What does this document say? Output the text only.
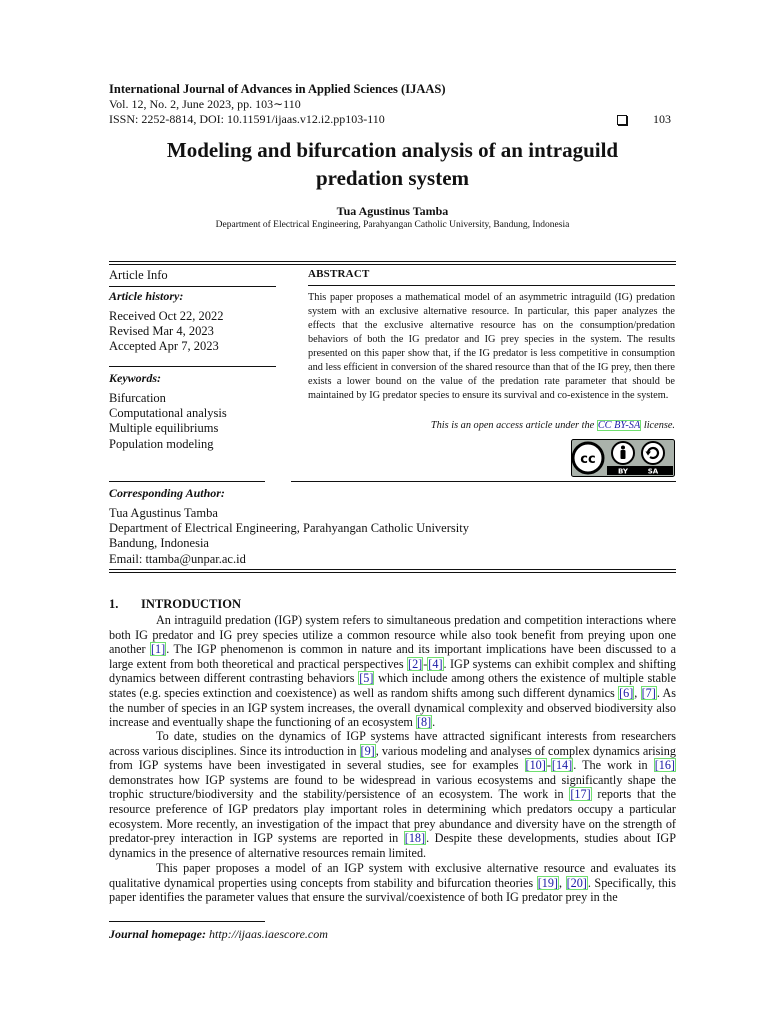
International Journal of Advances in Applied Sciences (IJAAS)
Vol. 12, No. 2, June 2023, pp. 103∼110
ISSN: 2252-8814, DOI: 10.11591/ijaas.v12.i2.pp103-110	103
Modeling and bifurcation analysis of an intraguild
predation system
Tua Agustinus Tamba
Department of Electrical Engineering, Parahyangan Catholic University, Bandung, Indonesia
Article Info
Article history:
Received Oct 22, 2022
Revised Mar 4, 2023
Accepted Apr 7, 2023
Keywords:
Bifurcation
Computational analysis
Multiple equilibriums
Population modeling
ABSTRACT
This paper proposes a mathematical model of an asymmetric intraguild (IG) predation system with an exclusive alternative resource. In particular, this paper analyzes the effects that the exclusive alternative resource has on the consumption/predation behaviors of both the IG predator and IG prey species in the system. The results presented on this paper show that, if the IG predator is less competitive in consumption and less efficient in conversion of the shared resource than that of the IG prey, then there exists a lower bound on the value of the predation rate parameter that should be maintained by IG predator species to ensure its survival and co-existence in the system.
This is an open access article under the CC BY-SA license.
cc
BY	SA
Corresponding Author:
Tua Agustinus Tamba
Department of Electrical Engineering, Parahyangan Catholic University
Bandung, Indonesia
Email: ttamba@unpar.ac.id
1. INTRODUCTION
An intraguild predation (IGP) system refers to simultaneous predation and competition interactions where both IG predator and IG prey species utilize a common resource while also took benefit from preying upon one another [1]. The IGP phenomenon is common in nature and its important implications have been discussed to a large extent from both theoretical and practical perspectives [2]-[4]. IGP systems can exhibit complex and shifting dynamics between different contrasting behaviors [5] which include among others the existence of multiple stable states (e.g. species extinction and coexistence) as well as random shifts among such different dynamics [6], [7]. As the number of species in an IGP system increases, the overall dynamical complexity and observed biodiversity also increase and eventually shape the functioning of an ecosystem [8].
To date, studies on the dynamics of IGP systems have attracted significant interests from researchers across various disciplines. Since its introduction in [9], various modeling and analyses of complex dynamics arising from IGP systems have been investigated in several studies, see for examples [10]-[14]. The work in [16] demonstrates how IGP systems are found to be widespread in various ecosystems and significantly shape the trophic structure/biodiversity and the stability/persistence of an ecosystem. The work in [17] reports that the resource preference of IGP predators play important roles in determining which predators occupy a particular ecosystem. More recently, an investigation of the impact that prey abundance and diversity have on the strength of predator-prey interaction in IGP systems are reported in [18]. Despite these developments, studies about IGP dynamics in the presence of alternative resources remain limited.
This paper proposes a model of an IGP system with exclusive alternative resource and evaluates its qualitative dynamical properties using concepts from stability and bifurcation theories [19], [20]. Specifically, this paper identifies the parameter values that ensure the survival/coexistence of both IG predator prey in the
Journal homepage: http://ijaas.iaescore.com
